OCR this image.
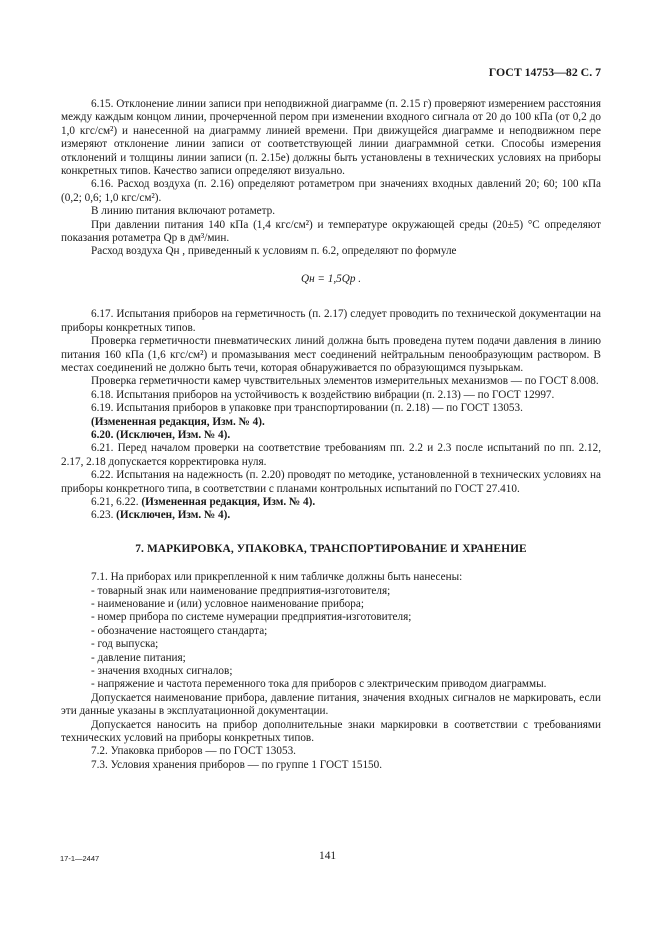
ГОСТ 14753—82 С. 7

6.15. Отклонение линии записи при неподвижной диаграмме (п. 2.15 г) проверяют измерением расстояния между каждым концом линии, прочерченной пером при изменении входного сигнала от 20 до 100 кПа (от 0,2 до 1,0 кгс/см²) и нанесенной на диаграмму линией времени. При движущейся диаграмме и неподвижном пере измеряют отклонение линии записи от соответствующей линии диаграммной сетки. Способы измерения отклонений и толщины линии записи (п. 2.15е) должны быть установлены в технических условиях на приборы конкретных типов. Качество записи определяют визуально.

6.16. Расход воздуха (п. 2.16) определяют ротаметром при значениях входных давлений 20; 60; 100 кПа (0,2; 0,6; 1,0 кгс/см²).

В линию питания включают ротаметр.

При давлении питания 140 кПа (1,4 кгс/см²) и температуре окружающей среды (20±5) °С определяют показания ротаметра Qр в дм³/мин.

Расход воздуха Qн , приведенный к условиям п. 6.2, определяют по формуле

Qн = 1,5Qр .

6.17. Испытания приборов на герметичность (п. 2.17) следует проводить по технической документации на приборы конкретных типов.

Проверка герметичности пневматических линий должна быть проведена путем подачи давления в линию питания 160 кПа (1,6 кгс/см²) и промазывания мест соединений нейтральным пенообразующим раствором. В местах соединений не должно быть течи, которая обнаруживается по образующимся пузырькам.

Проверка герметичности камер чувствительных элементов измерительных механизмов — по ГОСТ 8.008.

6.18. Испытания приборов на устойчивость к воздействию вибрации (п. 2.13) — по ГОСТ 12997.

6.19. Испытания приборов в упаковке при транспортировании (п. 2.18) — по ГОСТ 13053.

(Измененная редакция, Изм. № 4).

6.20. (Исключен, Изм. № 4).

6.21. Перед началом проверки на соответствие требованиям пп. 2.2 и 2.3 после испытаний по пп. 2.12, 2.17, 2.18 допускается корректировка нуля.

6.22. Испытания на надежность (п. 2.20) проводят по методике, установленной в технических условиях на приборы конкретного типа, в соответствии с планами контрольных испытаний по ГОСТ 27.410.

6.21, 6.22. (Измененная редакция, Изм. № 4).

6.23. (Исключен, Изм. № 4).

7. МАРКИРОВКА, УПАКОВКА, ТРАНСПОРТИРОВАНИЕ И ХРАНЕНИЕ

7.1. На приборах или прикрепленной к ним табличке должны быть нанесены:

- товарный знак или наименование предприятия-изготовителя;

- наименование и (или) условное наименование прибора;

- номер прибора по системе нумерации предприятия-изготовителя;

- обозначение настоящего стандарта;

- год выпуска;

- давление питания;

- значения входных сигналов;

- напряжение и частота переменного тока для приборов с электрическим приводом диаграммы.

Допускается наименование прибора, давление питания, значения входных сигналов не маркировать, если эти данные указаны в эксплуатационной документации.

Допускается наносить на прибор дополнительные знаки маркировки в соответствии с требованиями технических условий на приборы конкретных типов.

7.2. Упаковка приборов — по ГОСТ 13053.

7.3. Условия хранения приборов — по группе 1 ГОСТ 15150.

17-1—2447	141
